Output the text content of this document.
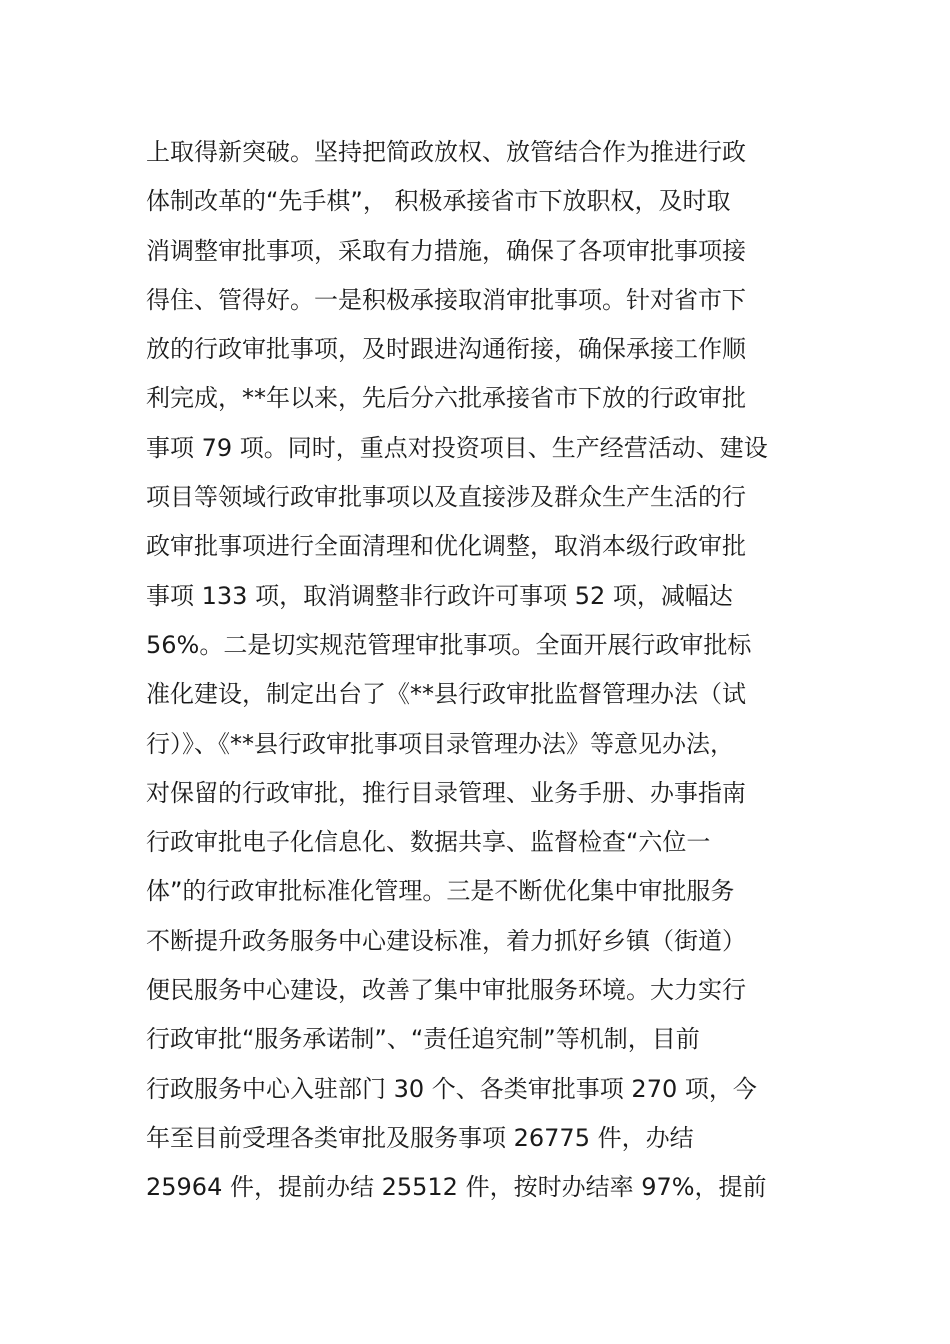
上取得新突破。坚持把简政放权、放管结合作为推进行政
体制改革的“先手棋”， 积极承接省市下放职权，及时取
消调整审批事项，采取有力措施，确保了各项审批事项接
得住、管得好。一是积极承接取消审批事项。针对省市下
放的行政审批事项，及时跟进沟通衔接，确保承接工作顺
利完成，**年以来，先后分六批承接省市下放的行政审批
事项 79 项。同时，重点对投资项目、生产经营活动、建设
项目等领域行政审批事项以及直接涉及群众生产生活的行
政审批事项进行全面清理和优化调整，取消本级行政审批
事项 133 项，取消调整非行政许可事项 52 项，减幅达
56%。二是切实规范管理审批事项。全面开展行政审批标
准化建设，制定出台了《**县行政审批监督管理办法（试
行）》、《**县行政审批事项目录管理办法》等意见办法，
对保留的行政审批，推行目录管理、业务手册、办事指南
行政审批电子化信息化、数据共享、监督检查“六位一
体”的行政审批标准化管理。三是不断优化集中审批服务
不断提升政务服务中心建设标准，着力抓好乡镇（街道）
便民服务中心建设，改善了集中审批服务环境。大力实行
行政审批“服务承诺制”、“责任追究制”等机制，目前
行政服务中心入驻部门 30 个、各类审批事项 270 项，今
年至目前受理各类审批及服务事项 26775 件，办结
25964 件，提前办结 25512 件，按时办结率 97%，提前
